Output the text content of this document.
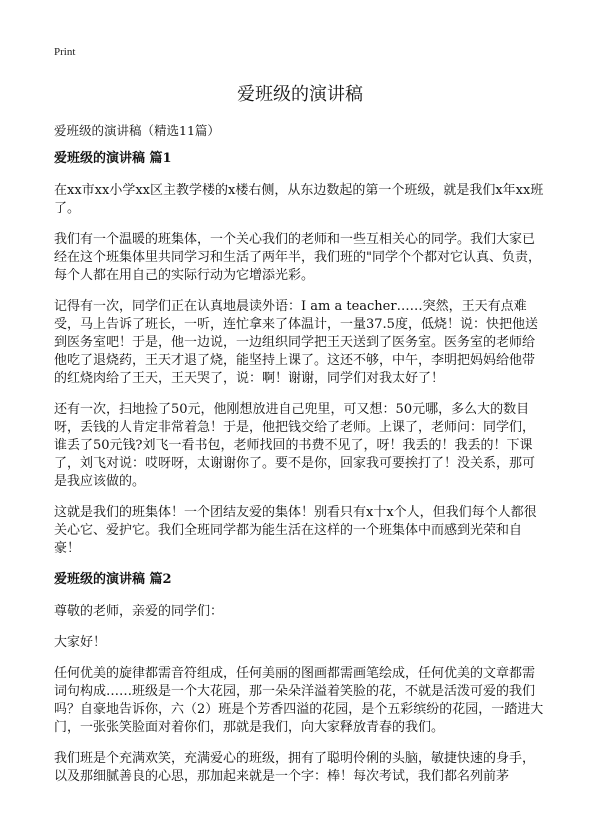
Print
爱班级的演讲稿
爱班级的演讲稿（精选11篇）

爱班级的演讲稿 篇1

在xx市xx小学xx区主教学楼的x楼右侧，从东边数起的第一个班级，就是我们x年xx班了。

我们有一个温暖的班集体，一个关心我们的老师和一些互相关心的同学。我们大家已经在这个班集体里共同学习和生活了两年半，我们班的"同学个个都对它认真、负责，每个人都在用自己的实际行动为它增添光彩。

记得有一次，同学们正在认真地晨读外语：I am a teacher……突然，王天有点难受，马上告诉了班长，一听，连忙拿来了体温计，一量37.5度，低烧！说：快把他送到医务室吧！于是，他一边说，一边组织同学把王天送到了医务室。医务室的老师给他吃了退烧药，王天才退了烧，能坚持上课了。这还不够，中午，李明把妈妈给他带的红烧肉给了王天，王天哭了，说：啊！谢谢，同学们对我太好了！

还有一次，扫地捡了50元，他刚想放进自己兜里，可又想：50元哪，多么大的数目呀，丢钱的人肯定非常着急！于是，他把钱交给了老师。上课了，老师问：同学们，谁丢了50元钱?刘飞一看书包，老师找回的书费不见了，呀！我丢的！我丢的！下课了，刘飞对说：哎呀呀，太谢谢你了。要不是你，回家我可要挨打了！没关系，那可是我应该做的。

这就是我们的班集体！一个团结友爱的集体！别看只有x十x个人，但我们每个人都很关心它、爱护它。我们全班同学都为能生活在这样的一个班集体中而感到光荣和自豪！

爱班级的演讲稿 篇2

尊敬的老师，亲爱的同学们：

大家好！

任何优美的旋律都需音符组成，任何美丽的图画都需画笔绘成，任何优美的文章都需词句构成……班级是一个大花园，那一朵朵洋溢着笑脸的花，不就是活泼可爱的我们吗？自豪地告诉你，六（2）班是个芳香四溢的花园，是个五彩缤纷的花园，一踏进大门，一张张笑脸面对着你们，那就是我们，向大家释放青春的我们。

我们班是个充满欢笑，充满爱心的班级，拥有了聪明伶俐的头脑，敏捷快速的身手，以及那细腻善良的心思，那加起来就是一个字：棒！每次考试，我们都名列前茅
